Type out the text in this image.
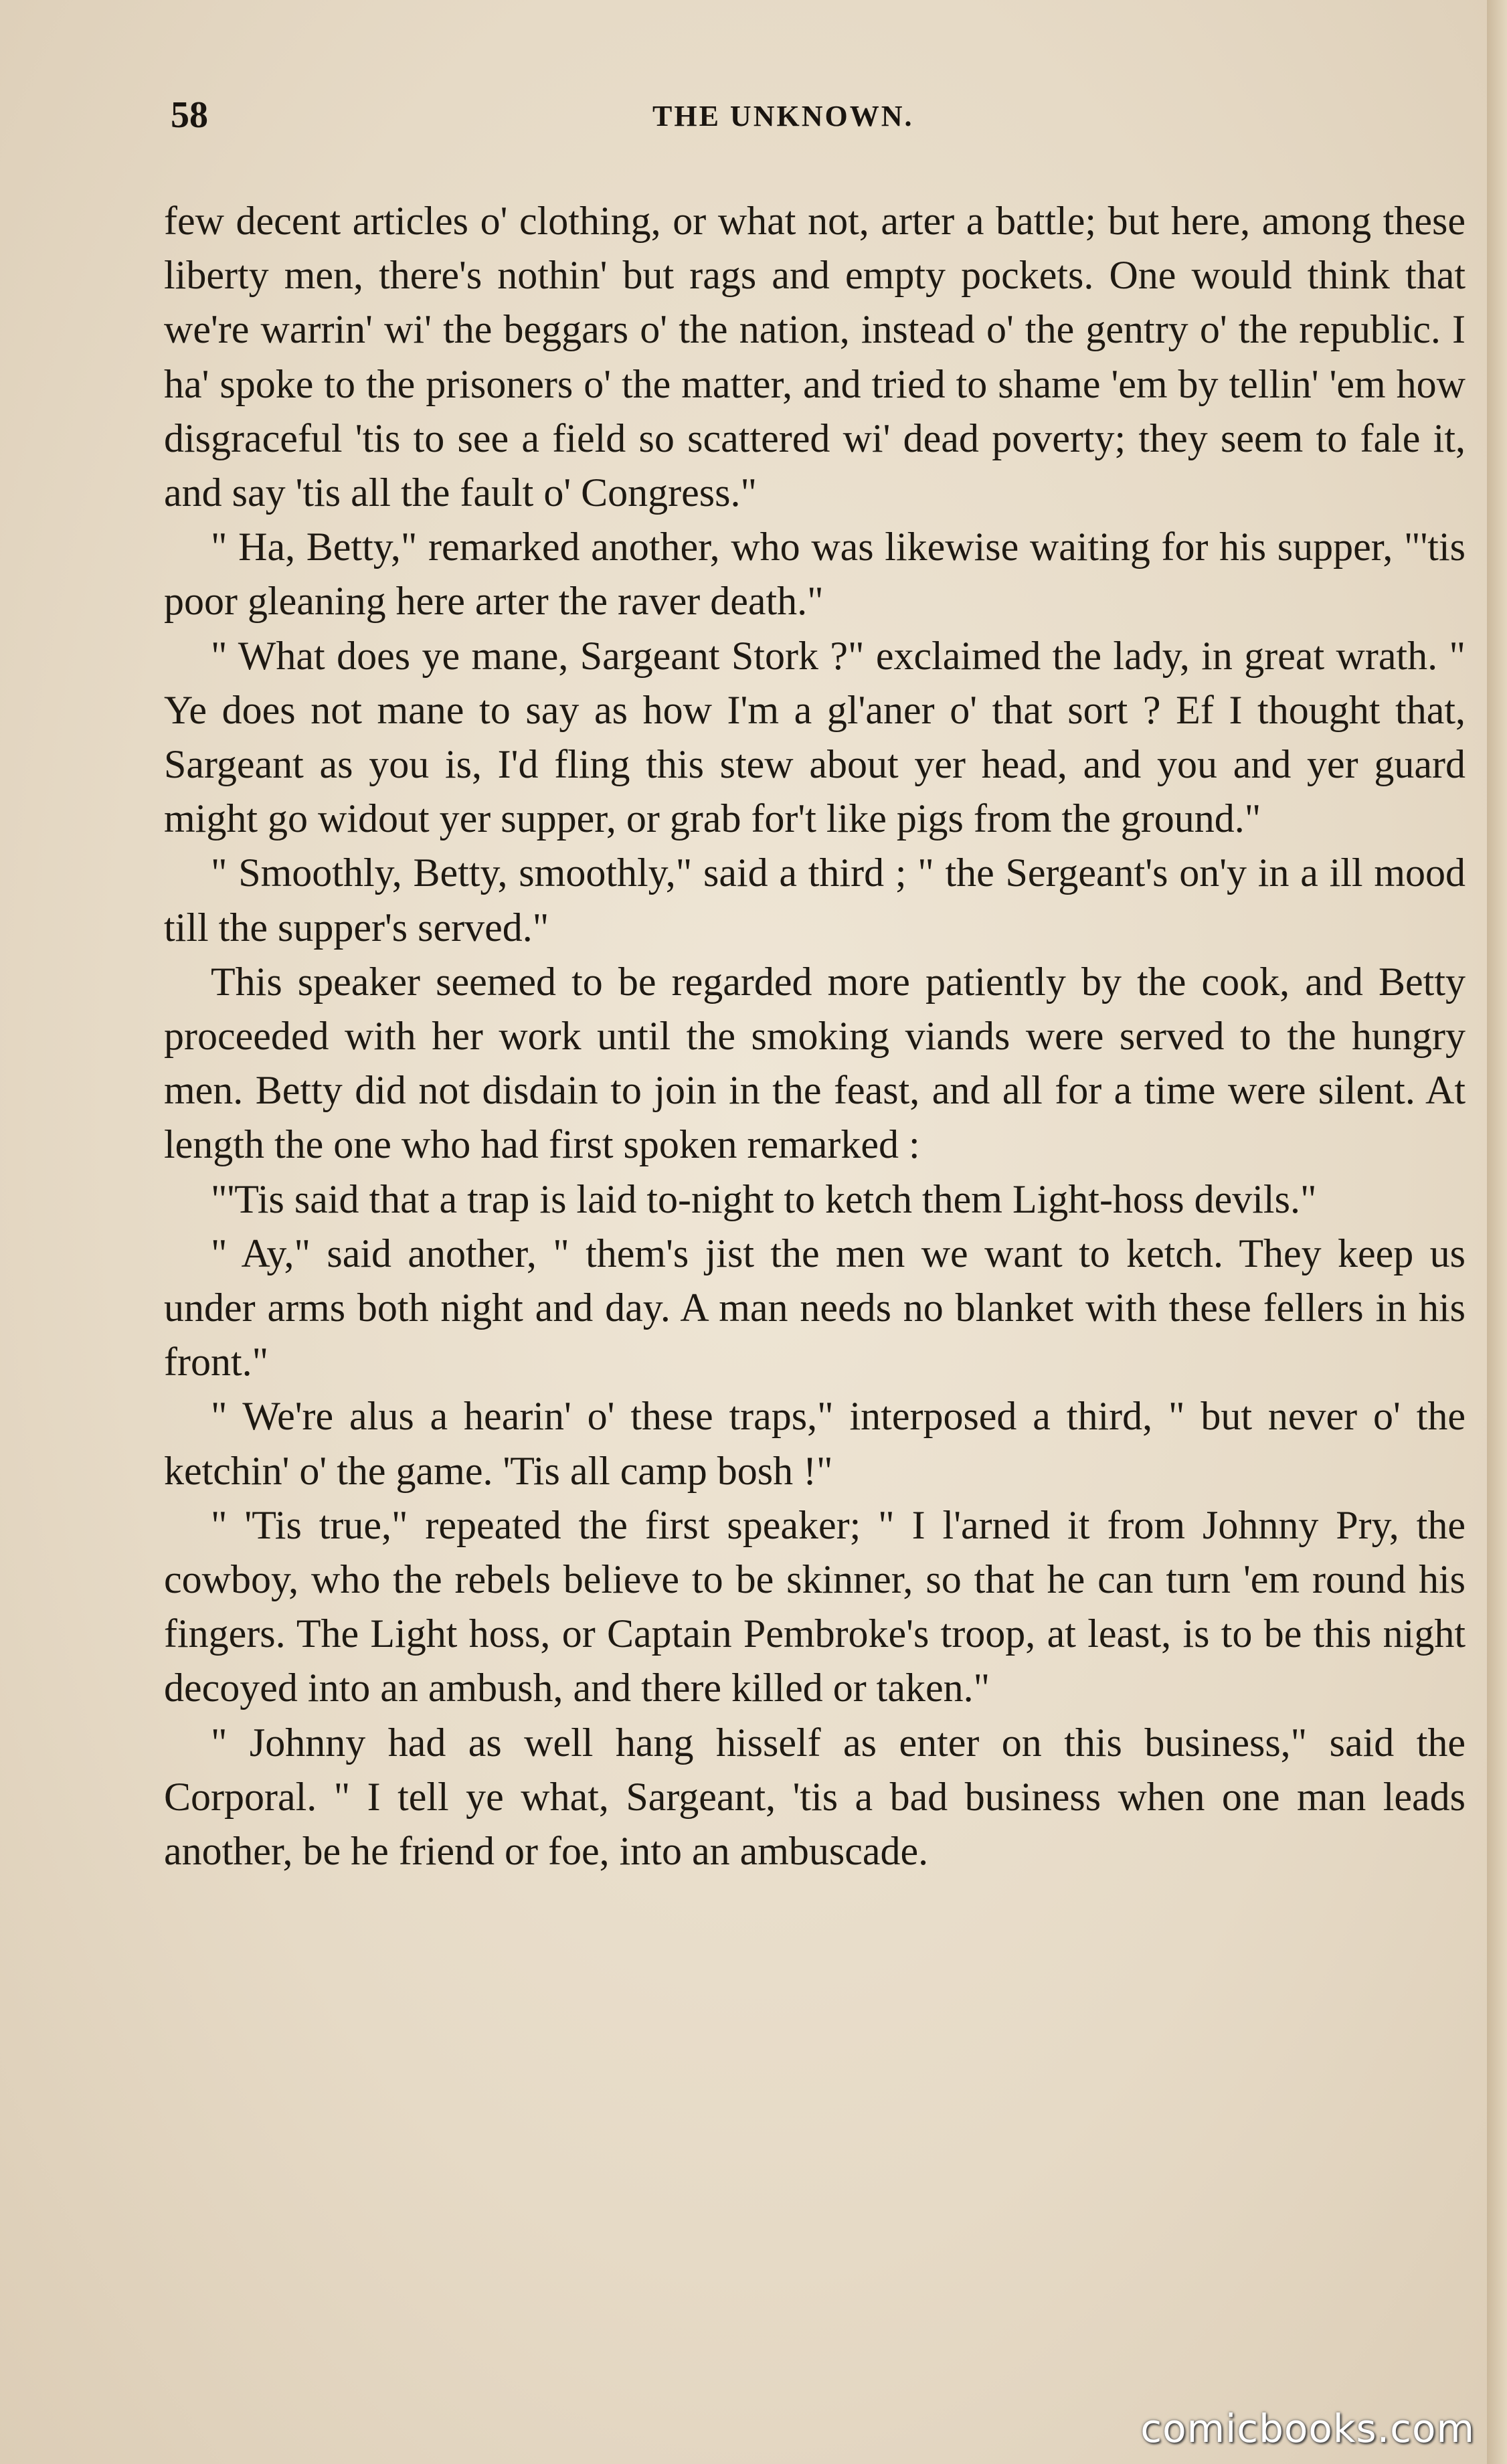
58	THE UNKNOWN.

few decent articles o' clothing, or what not, arter a battle; but here, among these liberty men, there's nothin' but rags and empty pockets. One would think that we're warrin' wi' the beggars o' the nation, instead o' the gentry o' the republic. I ha' spoke to the prisoners o' the matter, and tried to shame 'em by tellin' 'em how disgraceful 'tis to see a field so scattered wi' dead poverty; they seem to fale it, and say 'tis all the fault o' Congress."

" Ha, Betty," remarked another, who was likewise waiting for his supper, "'tis poor gleaning here arter the raver death."

" What does ye mane, Sargeant Stork ?" exclaimed the lady, in great wrath. " Ye does not mane to say as how I'm a gl'aner o' that sort ? Ef I thought that, Sargeant as you is, I'd fling this stew about yer head, and you and yer guard might go widout yer supper, or grab for't like pigs from the ground."

" Smoothly, Betty, smoothly," said a third ; " the Sergeant's on'y in a ill mood till the supper's served."

This speaker seemed to be regarded more patiently by the cook, and Betty proceeded with her work until the smoking viands were served to the hungry men. Betty did not disdain to join in the feast, and all for a time were silent. At length the one who had first spoken remarked :

"'Tis said that a trap is laid to-night to ketch them Light-hoss devils."

" Ay," said another, " them's jist the men we want to ketch. They keep us under arms both night and day. A man needs no blanket with these fellers in his front."

" We're alus a hearin' o' these traps," interposed a third, " but never o' the ketchin' o' the game. 'Tis all camp bosh !"

" 'Tis true," repeated the first speaker; " I l'arned it from Johnny Pry, the cowboy, who the rebels believe to be skinner, so that he can turn 'em round his fingers. The Light hoss, or Captain Pembroke's troop, at least, is to be this night decoyed into an ambush, and there killed or taken."

" Johnny had as well hang hisself as enter on this business," said the Corporal. " I tell ye what, Sargeant, 'tis a bad business when one man leads another, be he friend or foe, into an ambuscade.

comicbooks.com
